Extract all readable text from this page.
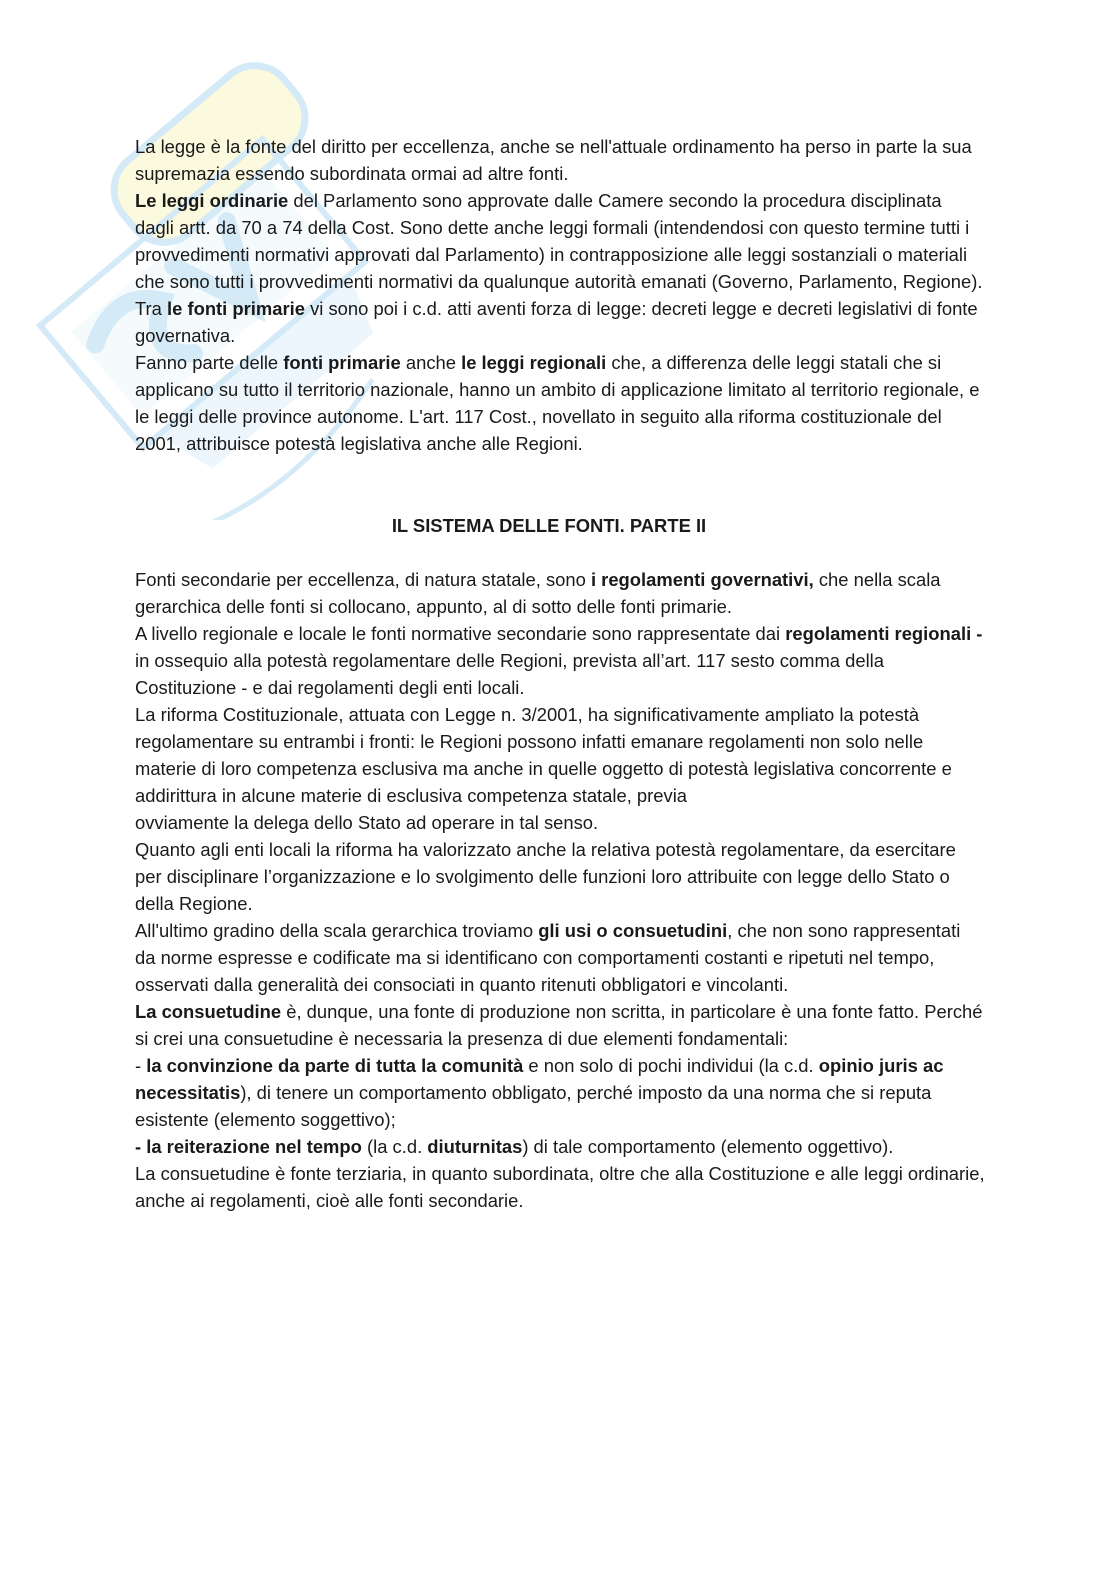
La legge è la fonte del diritto per eccellenza, anche se nell'attuale ordinamento ha perso in parte la sua supremazia essendo subordinata ormai ad altre fonti.

Le leggi ordinarie del Parlamento sono approvate dalle Camere secondo la procedura disciplinata dagli artt. da 70 a 74 della Cost. Sono dette anche leggi formali (intendendosi con questo termine tutti i provvedimenti normativi approvati dal Parlamento) in contrapposizione alle leggi sostanziali o materiali che sono tutti i provvedimenti normativi da qualunque autorità emanati (Governo, Parlamento, Regione).

Tra le fonti primarie vi sono poi i c.d. atti aventi forza di legge: decreti legge e decreti legislativi di fonte governativa.

Fanno parte delle fonti primarie anche le leggi regionali che, a differenza delle leggi statali che si applicano su tutto il territorio nazionale, hanno un ambito di applicazione limitato al territorio regionale, e le leggi delle province autonome. L'art. 117 Cost., novellato in seguito alla riforma costituzionale del 2001, attribuisce potestà legislativa anche alle Regioni.

IL SISTEMA DELLE FONTI. PARTE II

Fonti secondarie per eccellenza, di natura statale, sono i regolamenti governativi, che nella scala gerarchica delle fonti si collocano, appunto, al di sotto delle fonti primarie.

A livello regionale e locale le fonti normative secondarie sono rappresentate dai regolamenti regionali - in ossequio alla potestà regolamentare delle Regioni, prevista all’art. 117 sesto comma della Costituzione - e dai regolamenti degli enti locali.

La riforma Costituzionale, attuata con Legge n. 3/2001, ha significativamente ampliato la potestà regolamentare su entrambi i fronti: le Regioni possono infatti emanare regolamenti non solo nelle materie di loro competenza esclusiva ma anche in quelle oggetto di potestà legislativa concorrente e addirittura in alcune materie di esclusiva competenza statale, previa

ovviamente la delega dello Stato ad operare in tal senso.

Quanto agli enti locali la riforma ha valorizzato anche la relativa potestà regolamentare, da esercitare per disciplinare l’organizzazione e lo svolgimento delle funzioni loro attribuite con legge dello Stato o della Regione.

All'ultimo gradino della scala gerarchica troviamo gli usi o consuetudini, che non sono rappresentati da norme espresse e codificate ma si identificano con comportamenti costanti e ripetuti nel tempo, osservati dalla generalità dei consociati in quanto ritenuti obbligatori e vincolanti.

La consuetudine è, dunque, una fonte di produzione non scritta, in particolare è una fonte fatto. Perché si crei una consuetudine è necessaria la presenza di due elementi fondamentali:

- la convinzione da parte di tutta la comunità e non solo di pochi individui (la c.d. opinio juris ac necessitatis), di tenere un comportamento obbligato, perché imposto da una norma che si reputa esistente (elemento soggettivo);

- la reiterazione nel tempo (la c.d. diuturnitas) di tale comportamento (elemento oggettivo).

La consuetudine è fonte terziaria, in quanto subordinata, oltre che alla Costituzione e alle leggi ordinarie, anche ai regolamenti, cioè alle fonti secondarie.
